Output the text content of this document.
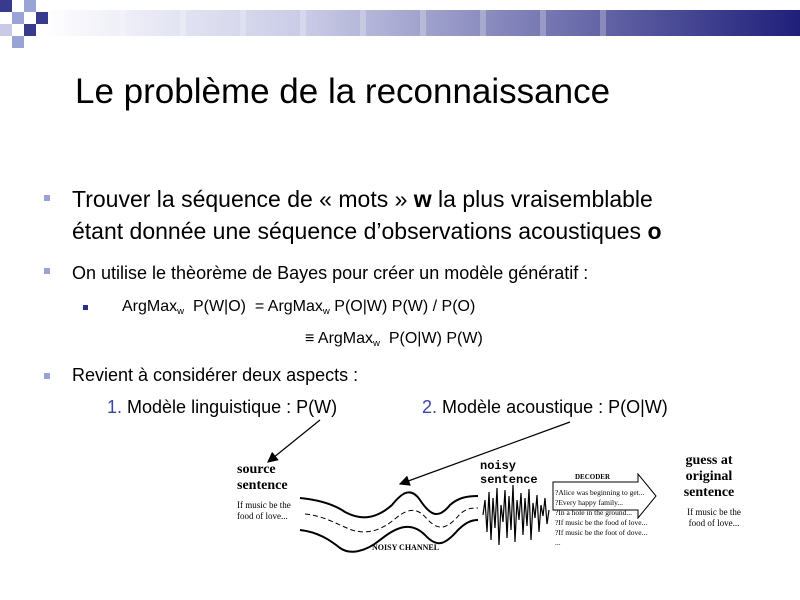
Le problème de la reconnaissance
Trouver la séquence de « mots » w la plus vraisemblable
étant donnée une séquence d’observations acoustiques o
On utilise le thèorème de Bayes pour créer un modèle génératif :
ArgMax$_w$ P(W|O) = ArgMax$_w$ P(O|W) P(W) / P(O)
≡ ArgMax$_w$ P(O|W) P(W)
Revient à considérer deux aspects :
1. Modèle linguistique : P(W)	2. Modèle acoustique : P(O|W)
source
sentence
If music be the
food of love...
NOISY CHANNEL
noisy
sentence	DECODER
?Alice was beginning to get...
?Every happy family...
?In a hole in the ground...
?If music be the food of love...
?If music be the foot of dove...
...
guess at
original
sentence
If music be the
food of love...
